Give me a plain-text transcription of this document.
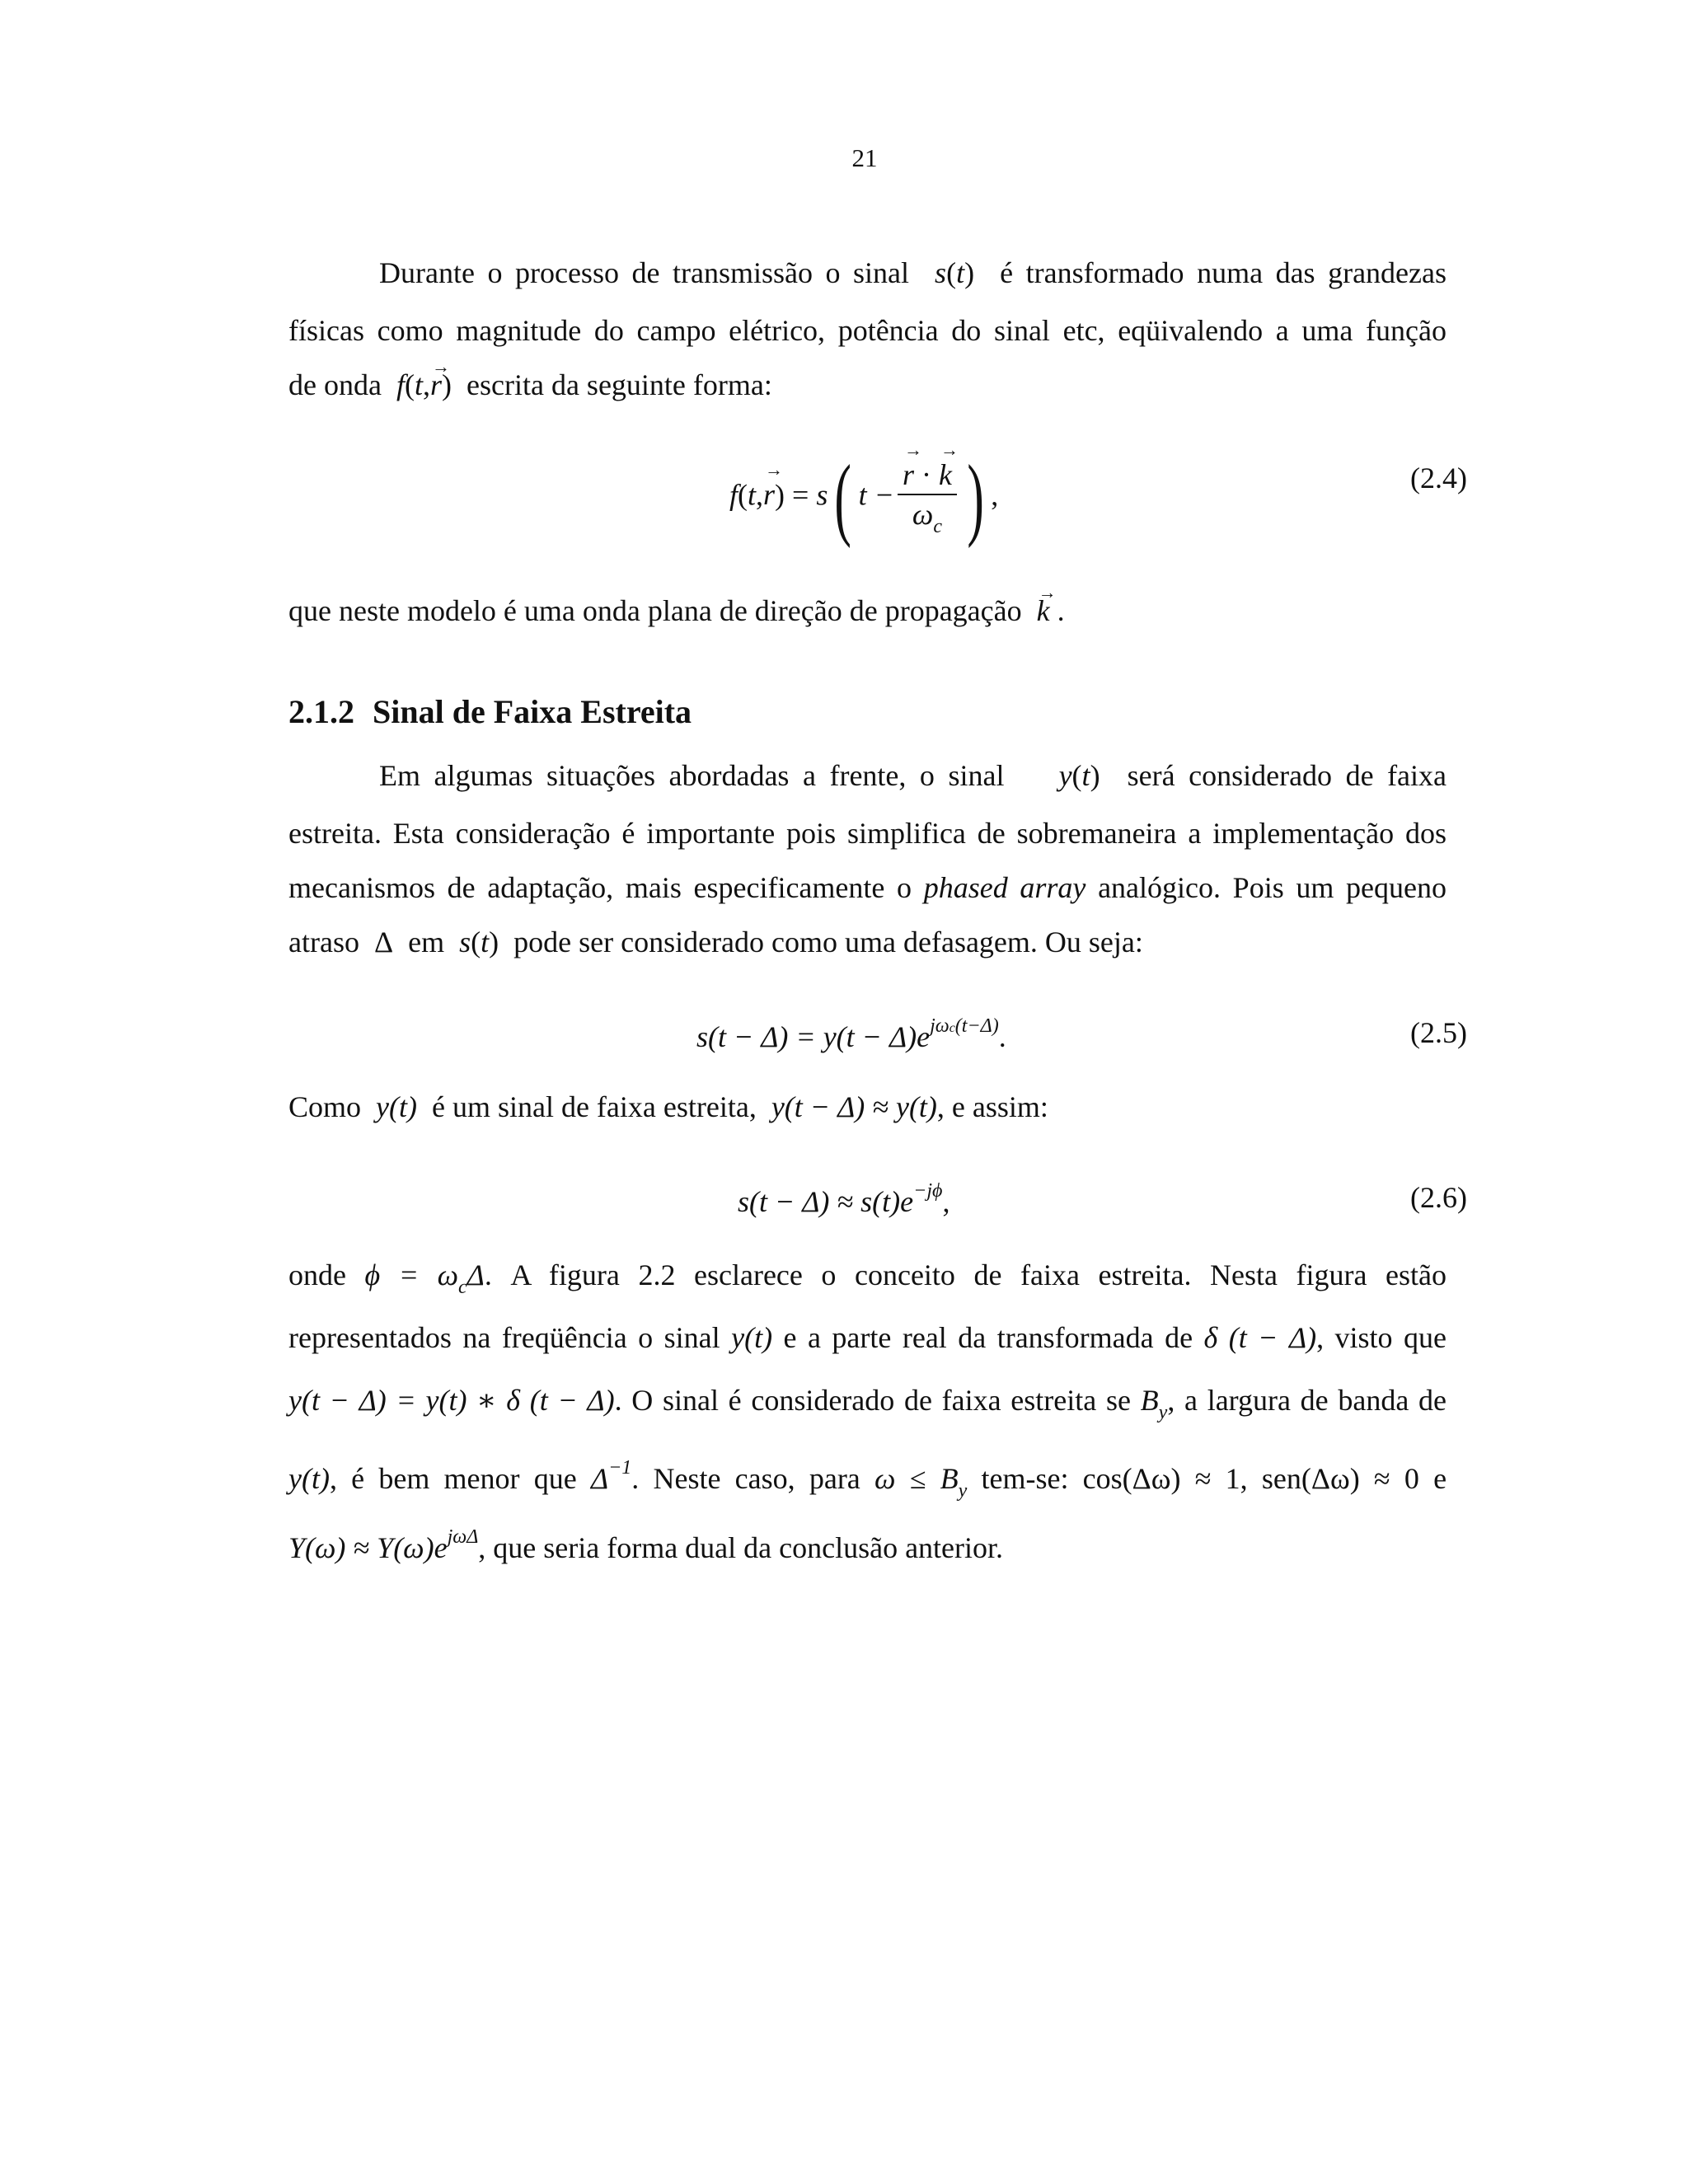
21
Durante o processo de transmissão o sinal s(t) é transformado numa das grandezas
físicas como magnitude do campo elétrico, potência do sinal etc, eqüivalendo a uma função
de onda f(t,→ r) escrita da seguinte forma:
f(t,→ r) = s( t − → $\frac{r \cdot \to k}{\omega_c}$ ) ,
(2.4)
que neste modelo é uma onda plana de direção de propagação → k .
2.1.2 Sinal de Faixa Estreita
Em algumas situações abordadas a frente, o sinal y(t) será considerado de faixa
estreita. Esta consideração é importante pois simplifica de sobremaneira a implementação dos
mecanismos de adaptação, mais especificamente o phased array analógico. Pois um pequeno
atraso Δ em s(t) pode ser considerado como uma defasagem. Ou seja:
$s(t - \Delta) = y(t - \Delta)e^{j\omega c(t-\Delta)}$.	(2.5)
Como y(t) é um sinal de faixa estreita, y(t − Δ) ≈ y(t), e assim:
$s(t - \Delta) \approx s(t)e^{-j\phi}$,	(2.6)
onde $\phi = \omega_c\Delta$. A figura 2.2 esclarece o conceito de faixa estreita. Nesta figura estão
representados na freqüência o sinal y(t) e a parte real da transformada de δ (t − Δ), visto que
y(t − Δ) = y(t) ∗ δ (t − Δ). O sinal é considerado de faixa estreita se $B_y$, a largura de banda de
y(t), é bem menor que $\Delta^{-1}$. Neste caso, para $\omega \le B_y$ tem-se: cos(Δω) ≈ 1, sen(Δω) ≈ 0 e
$Y(\omega) \approx Y(\omega)e^{j\omega\Delta}$, que seria forma dual da conclusão anterior.
